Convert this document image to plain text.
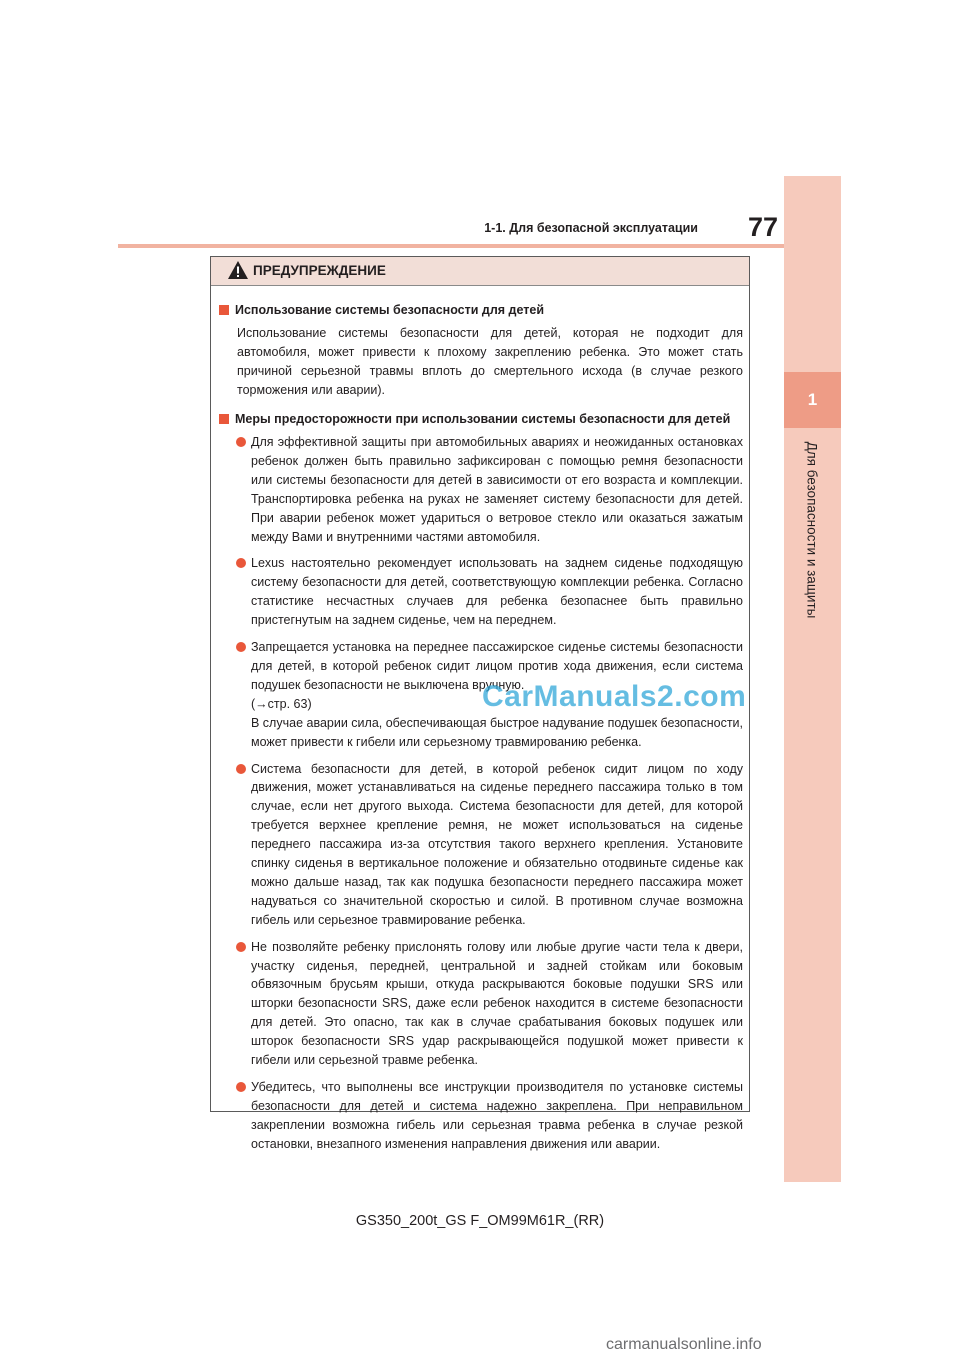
1
Для безопасности и защиты
77
1-1. Для безопасной эксплуатации
ПРЕДУПРЕЖДЕНИЕ
Использование системы безопасности для детей
Использование системы безопасности для детей, которая не подходит для автомобиля, может привести к плохому закреплению ребенка. Это может стать причиной серьезной травмы вплоть до смертельного исхода (в случае резкого торможения или аварии).
Меры предосторожности при использовании системы безопасности для детей

Для эффективной защиты при автомобильных авариях и неожиданных остановках ребенок должен быть правильно зафиксирован с помощью ремня безопасности или системы безопасности для детей в зависимости от его возраста и комплекции. Транспортировка ребенка на руках не заменяет систему безопасности для детей. При аварии ребенок может удариться о ветровое стекло или оказаться зажатым между Вами и внутренними частями автомобиля.

Lexus настоятельно рекомендует использовать на заднем сиденье подходящую систему безопасности для детей, соответствующую комплекции ребенка. Согласно статистике несчастных случаев для ребенка безопаснее быть правильно пристегнутым на заднем сиденье, чем на переднем.

Запрещается установка на переднее пассажирское сиденье системы безопасности для детей, в которой ребенок сидит лицом против хода движения, если система подушек безопасности не выключена вручную.

(→стр. 63)

В случае аварии сила, обеспечивающая быстрое надувание подушек безопасности, может привести к гибели или серьезному травмированию ребенка.

Система безопасности для детей, в которой ребенок сидит лицом по ходу движения, может устанавливаться на сиденье переднего пассажира только в том случае, если нет другого выхода. Система безопасности для детей, для которой требуется верхнее крепление ремня, не может использоваться на сиденье переднего пассажира из-за отсутствия такого верхнего крепления. Установите спинку сиденья в вертикальное положение и обязательно отодвиньте сиденье как можно дальше назад, так как подушка безопасности переднего пассажира может надуваться со значительной скоростью и силой. В противном случае возможна гибель или серьезное травмирование ребенка.

Не позволяйте ребенку прислонять голову или любые другие части тела к двери, участку сиденья, передней, центральной и задней стойкам или боковым обвязочным брусьям крыши, откуда раскрываются боковые подушки SRS или шторки безопасности SRS, даже если ребенок находится в системе безопасности для детей. Это опасно, так как в случае срабатывания боковых подушек или шторок безопасности SRS удар раскрывающейся подушкой может привести к гибели или серьезной травме ребенка.

Убедитесь, что выполнены все инструкции производителя по установке системы безопасности для детей и система надежно закреплена. При неправильном закреплении возможна гибель или серьезная травма ребенка в случае резкой остановки, внезапного изменения направления движения или аварии.

CarManuals2.com
GS350_200t_GS F_OM99M61R_(RR)
carmanualsonline.info
